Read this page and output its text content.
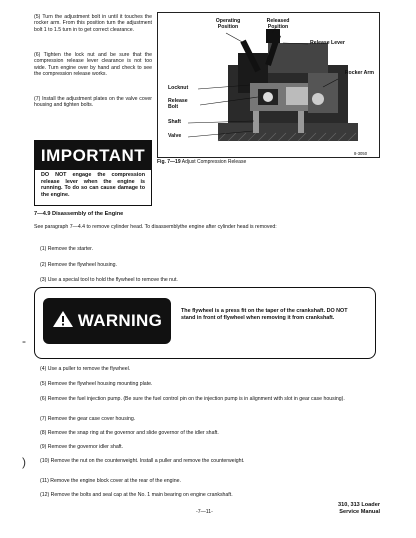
(5) Turn the adjustment bolt in until it touches the rocker arm. From this position turn the adjustment bolt 1 to 1.5 turn in to get correct clearance.
(6) Tighten the lock nut and be sure that the compression release lever clearance is not too wide. Turn engine over by hand and check to see the compression release works.
(7) Install the adjustment plates on the valve cover housing and tighten bolts.
Operating Position
Released Position
Release Lever
Rocker Arm
Locknut
Release Bolt
Shaft
Valve
8-3050
Fig. 7—19 Adjust Compression Release
IMPORTANT
DO NOT engage the compression release lever when the engine is running. To do so can cause damage to the engine.
7—4.9 Disassembly of the Engine
See paragraph 7—4.4 to remove cylinder head. To disassemblythe engine after cylinder head is removed:
(1) Remove the starter.
(2) Remove the flywheel housing.
(3) Use a special tool to hold the flywheel to remove the nut.
WARNING	The flywheel is a press fit on the taper of the crankshaft. DO NOT stand in front of flywheel when removing it from crankshaft.
-
(4) Use a puller to remove the flywheel.
(5) Remove the flywheel housing mounting plate.
(6) Remove the fuel injection pump. (Be sure the fuel control pin on the injection pump is in alignment with slot in gear case housing).
(7) Remove the gear case cover housing.
(8) Remove the snap ring at the governor and slide governor of the idler shaft.
(9) Remove the governor idler shaft.
(10) Remove the nut on the counterweight. Install a puller and remove the counterweight.
(11) Remove the engine block cover at the rear of the engine.
(12) Remove the bolts and seal cap at the No. 1 main bearing on engine crankshaft.
)
310, 313 Loader
Service Manual
-7—11-
